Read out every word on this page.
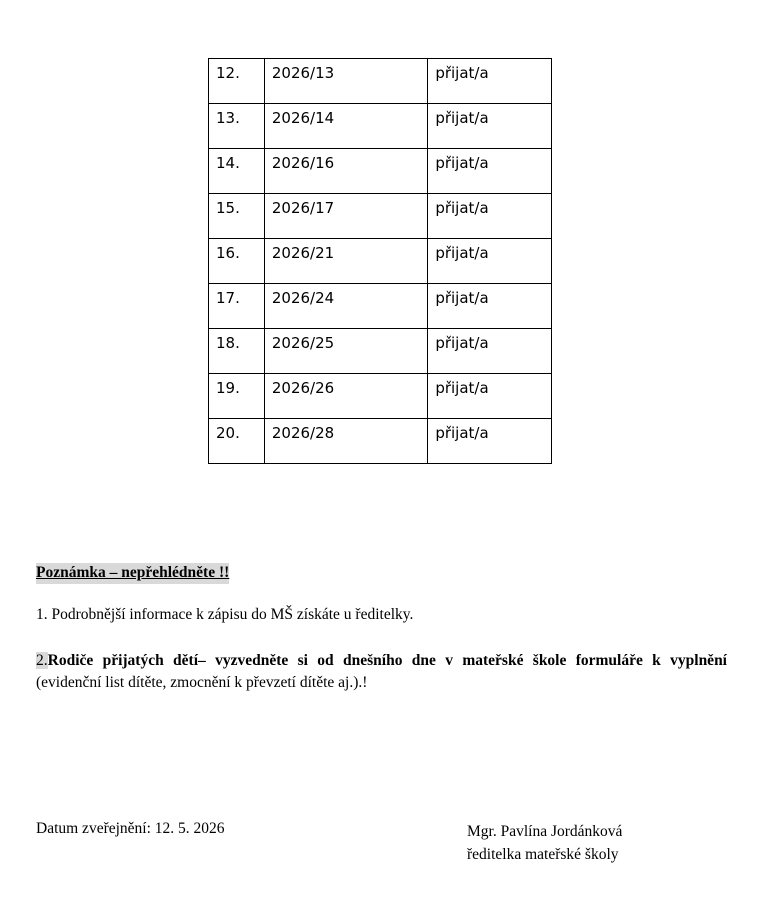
12.	2026/13	přijat/a
13.	2026/14	přijat/a
14.	2026/16	přijat/a
15.	2026/17	přijat/a
16.	2026/21	přijat/a
17.	2026/24	přijat/a
18.	2026/25	přijat/a
19.	2026/26	přijat/a
20.	2026/28	přijat/a

Poznámka – nepřehlédněte !!

1. Podrobnější informace k zápisu do MŠ získáte u ředitelky.

2.Rodiče přijatých dětí– vyzvedněte si od dnešního dne v mateřské škole formuláře k vyplnění (evidenční list dítěte, zmocnění k převzetí dítěte aj.).!

Datum zveřejnění: 12. 5. 2026	Mgr. Pavlína Jordánková
ředitelka mateřské školy
